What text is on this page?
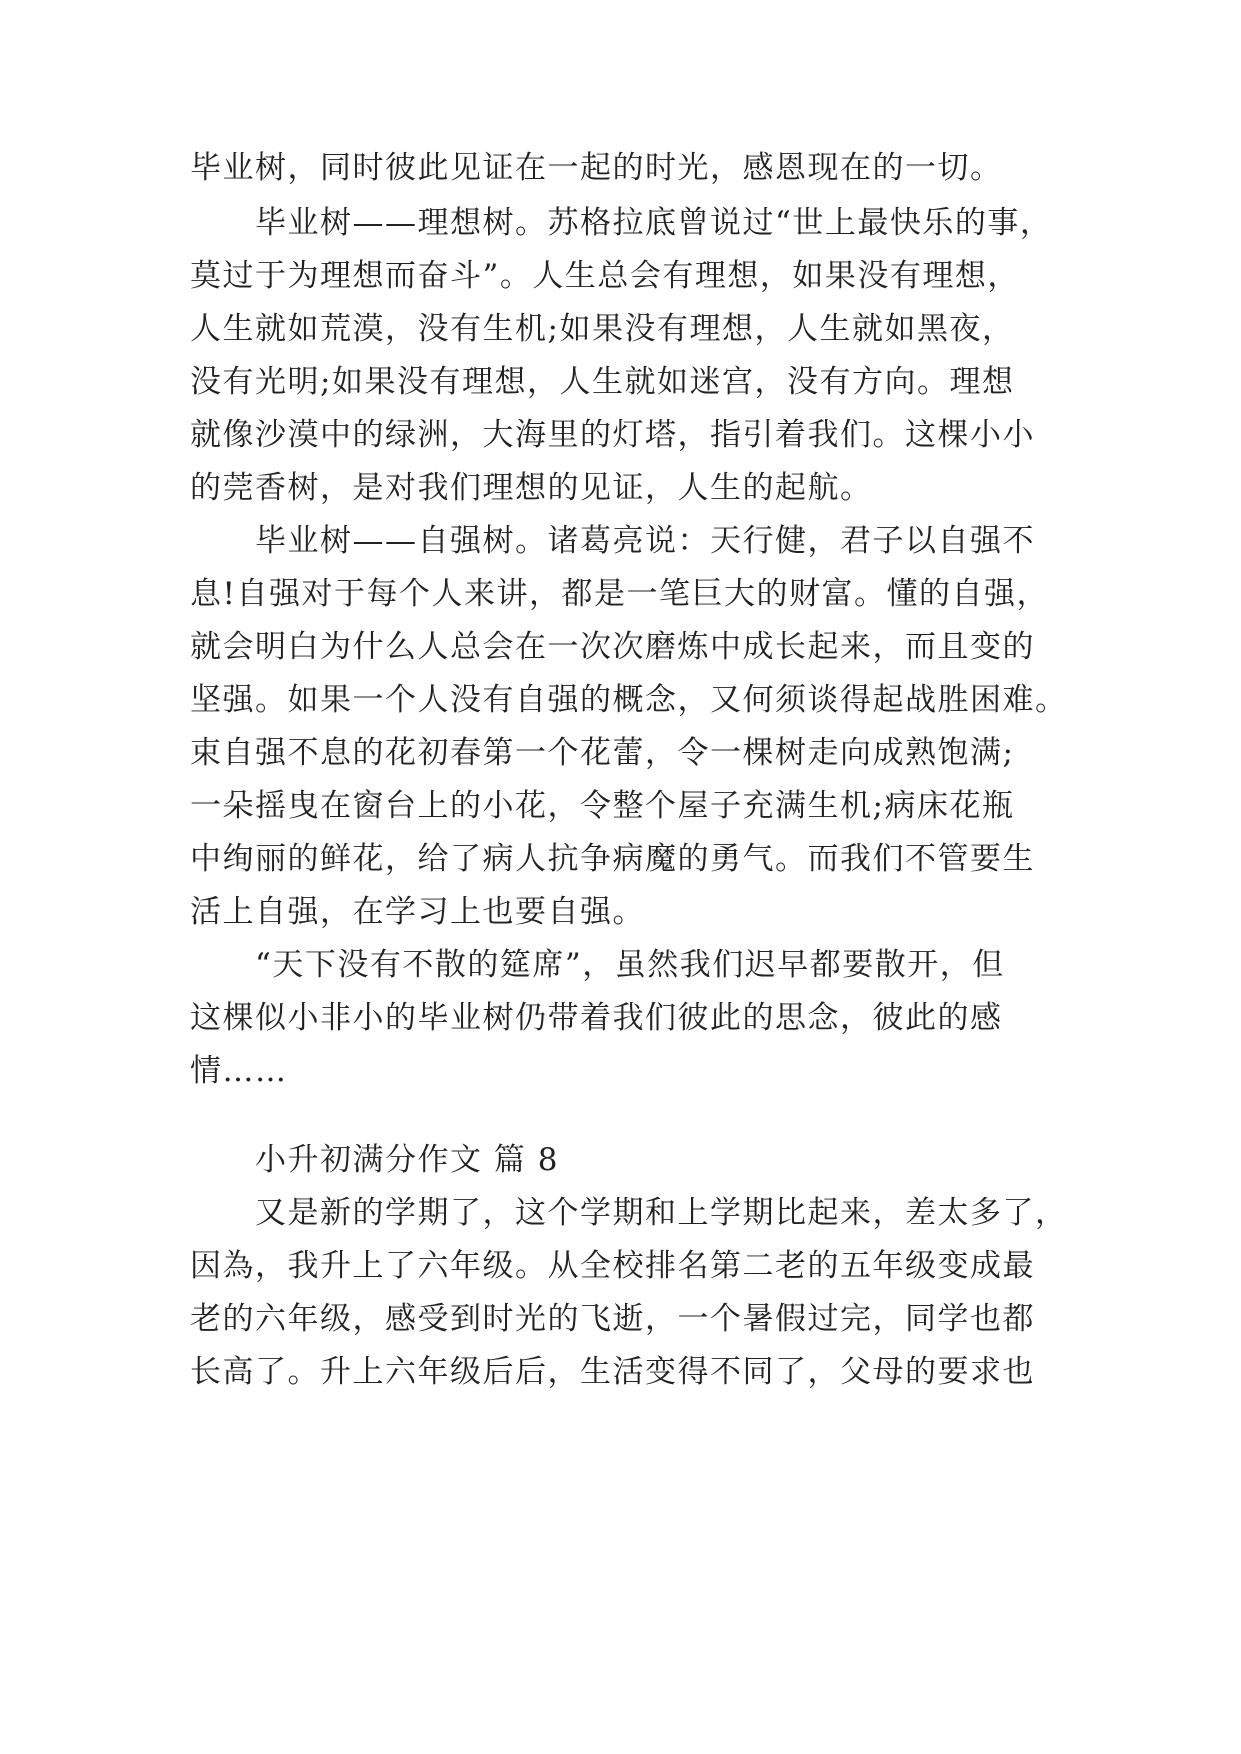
毕业树，同时彼此见证在一起的时光，感恩现在的一切。
毕业树——理想树。苏格拉底曾说过“世上最快乐的事，
莫过于为理想而奋斗”。人生总会有理想，如果没有理想，
人生就如荒漠，没有生机;如果没有理想，人生就如黑夜，
没有光明;如果没有理想，人生就如迷宫，没有方向。理想
就像沙漠中的绿洲，大海里的灯塔，指引着我们。这棵小小
的莞香树，是对我们理想的见证，人生的起航。
毕业树——自强树。诸葛亮说：天行健，君子以自强不
息!自强对于每个人来讲，都是一笔巨大的财富。懂的自强，
就会明白为什么人总会在一次次磨炼中成长起来，而且变的
坚强。如果一个人没有自强的概念，又何须谈得起战胜困难。
束自强不息的花初春第一个花蕾，令一棵树走向成熟饱满;
一朵摇曳在窗台上的小花，令整个屋子充满生机;病床花瓶
中绚丽的鲜花，给了病人抗争病魔的勇气。而我们不管要生
活上自强，在学习上也要自强。
“天下没有不散的筵席”，虽然我们迟早都要散开，但
这棵似小非小的毕业树仍带着我们彼此的思念，彼此的感
情……
小升初满分作文 篇 8
又是新的学期了，这个学期和上学期比起来，差太多了，
因為，我升上了六年级。从全校排名第二老的五年级变成最
老的六年级，感受到时光的飞逝，一个暑假过完，同学也都
长高了。升上六年级后后，生活变得不同了，父母的要求也
